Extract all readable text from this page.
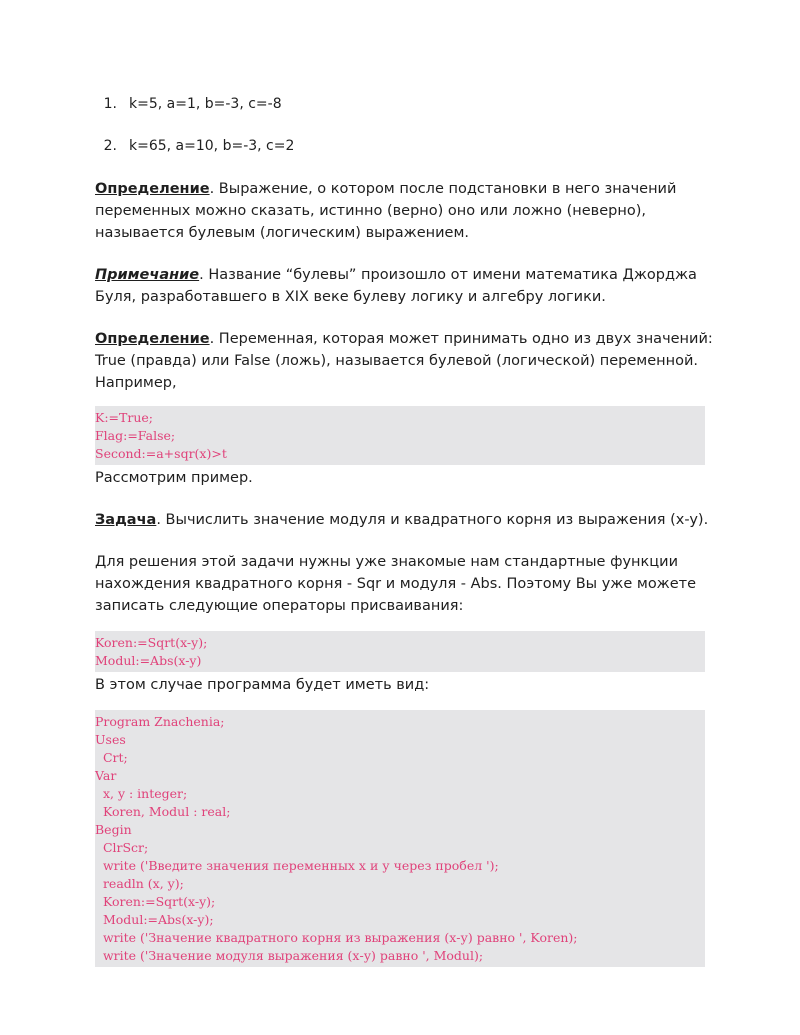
1. k=5, a=1, b=-3, c=-8
2. k=65, a=10, b=-3, c=2

Определение. Выражение, о котором после подстановки в него значений переменных можно сказать, истинно (верно) оно или ложно (неверно), называется булевым (логическим) выражением.

Примечание. Название “булевы” произошло от имени математика Джорджа Буля, разработавшего в XIX веке булеву логику и алгебру логики.

Определение. Переменная, которая может принимать одно из двух значений: True (правда) или False (ложь), называется булевой (логической) переменной. Например,

K:=True;
Flag:=False;
Second:=a+sqr(x)>t

Рассмотрим пример.

Задача. Вычислить значение модуля и квадратного корня из выражения (x-y).

Для решения этой задачи нужны уже знакомые нам стандартные функции нахождения квадратного корня - Sqr и модуля - Abs. Поэтому Вы уже можете записать следующие операторы присваивания:

Koren:=Sqrt(x-y);
Modul:=Abs(x-y)

В этом случае программа будет иметь вид:

Program Znachenia;
Uses
Crt;
Var
x, y : integer;
Koren, Modul : real;
Begin
ClrScr;
write ('Введите значения переменных х и у через пробел ');
readln (x, y);
Koren:=Sqrt(x-y);
Modul:=Abs(x-y);
write ('Значение квадратного корня из выражения (х-у) равно ', Koren);
write ('Значение модуля выражения (х-у) равно ', Modul);
